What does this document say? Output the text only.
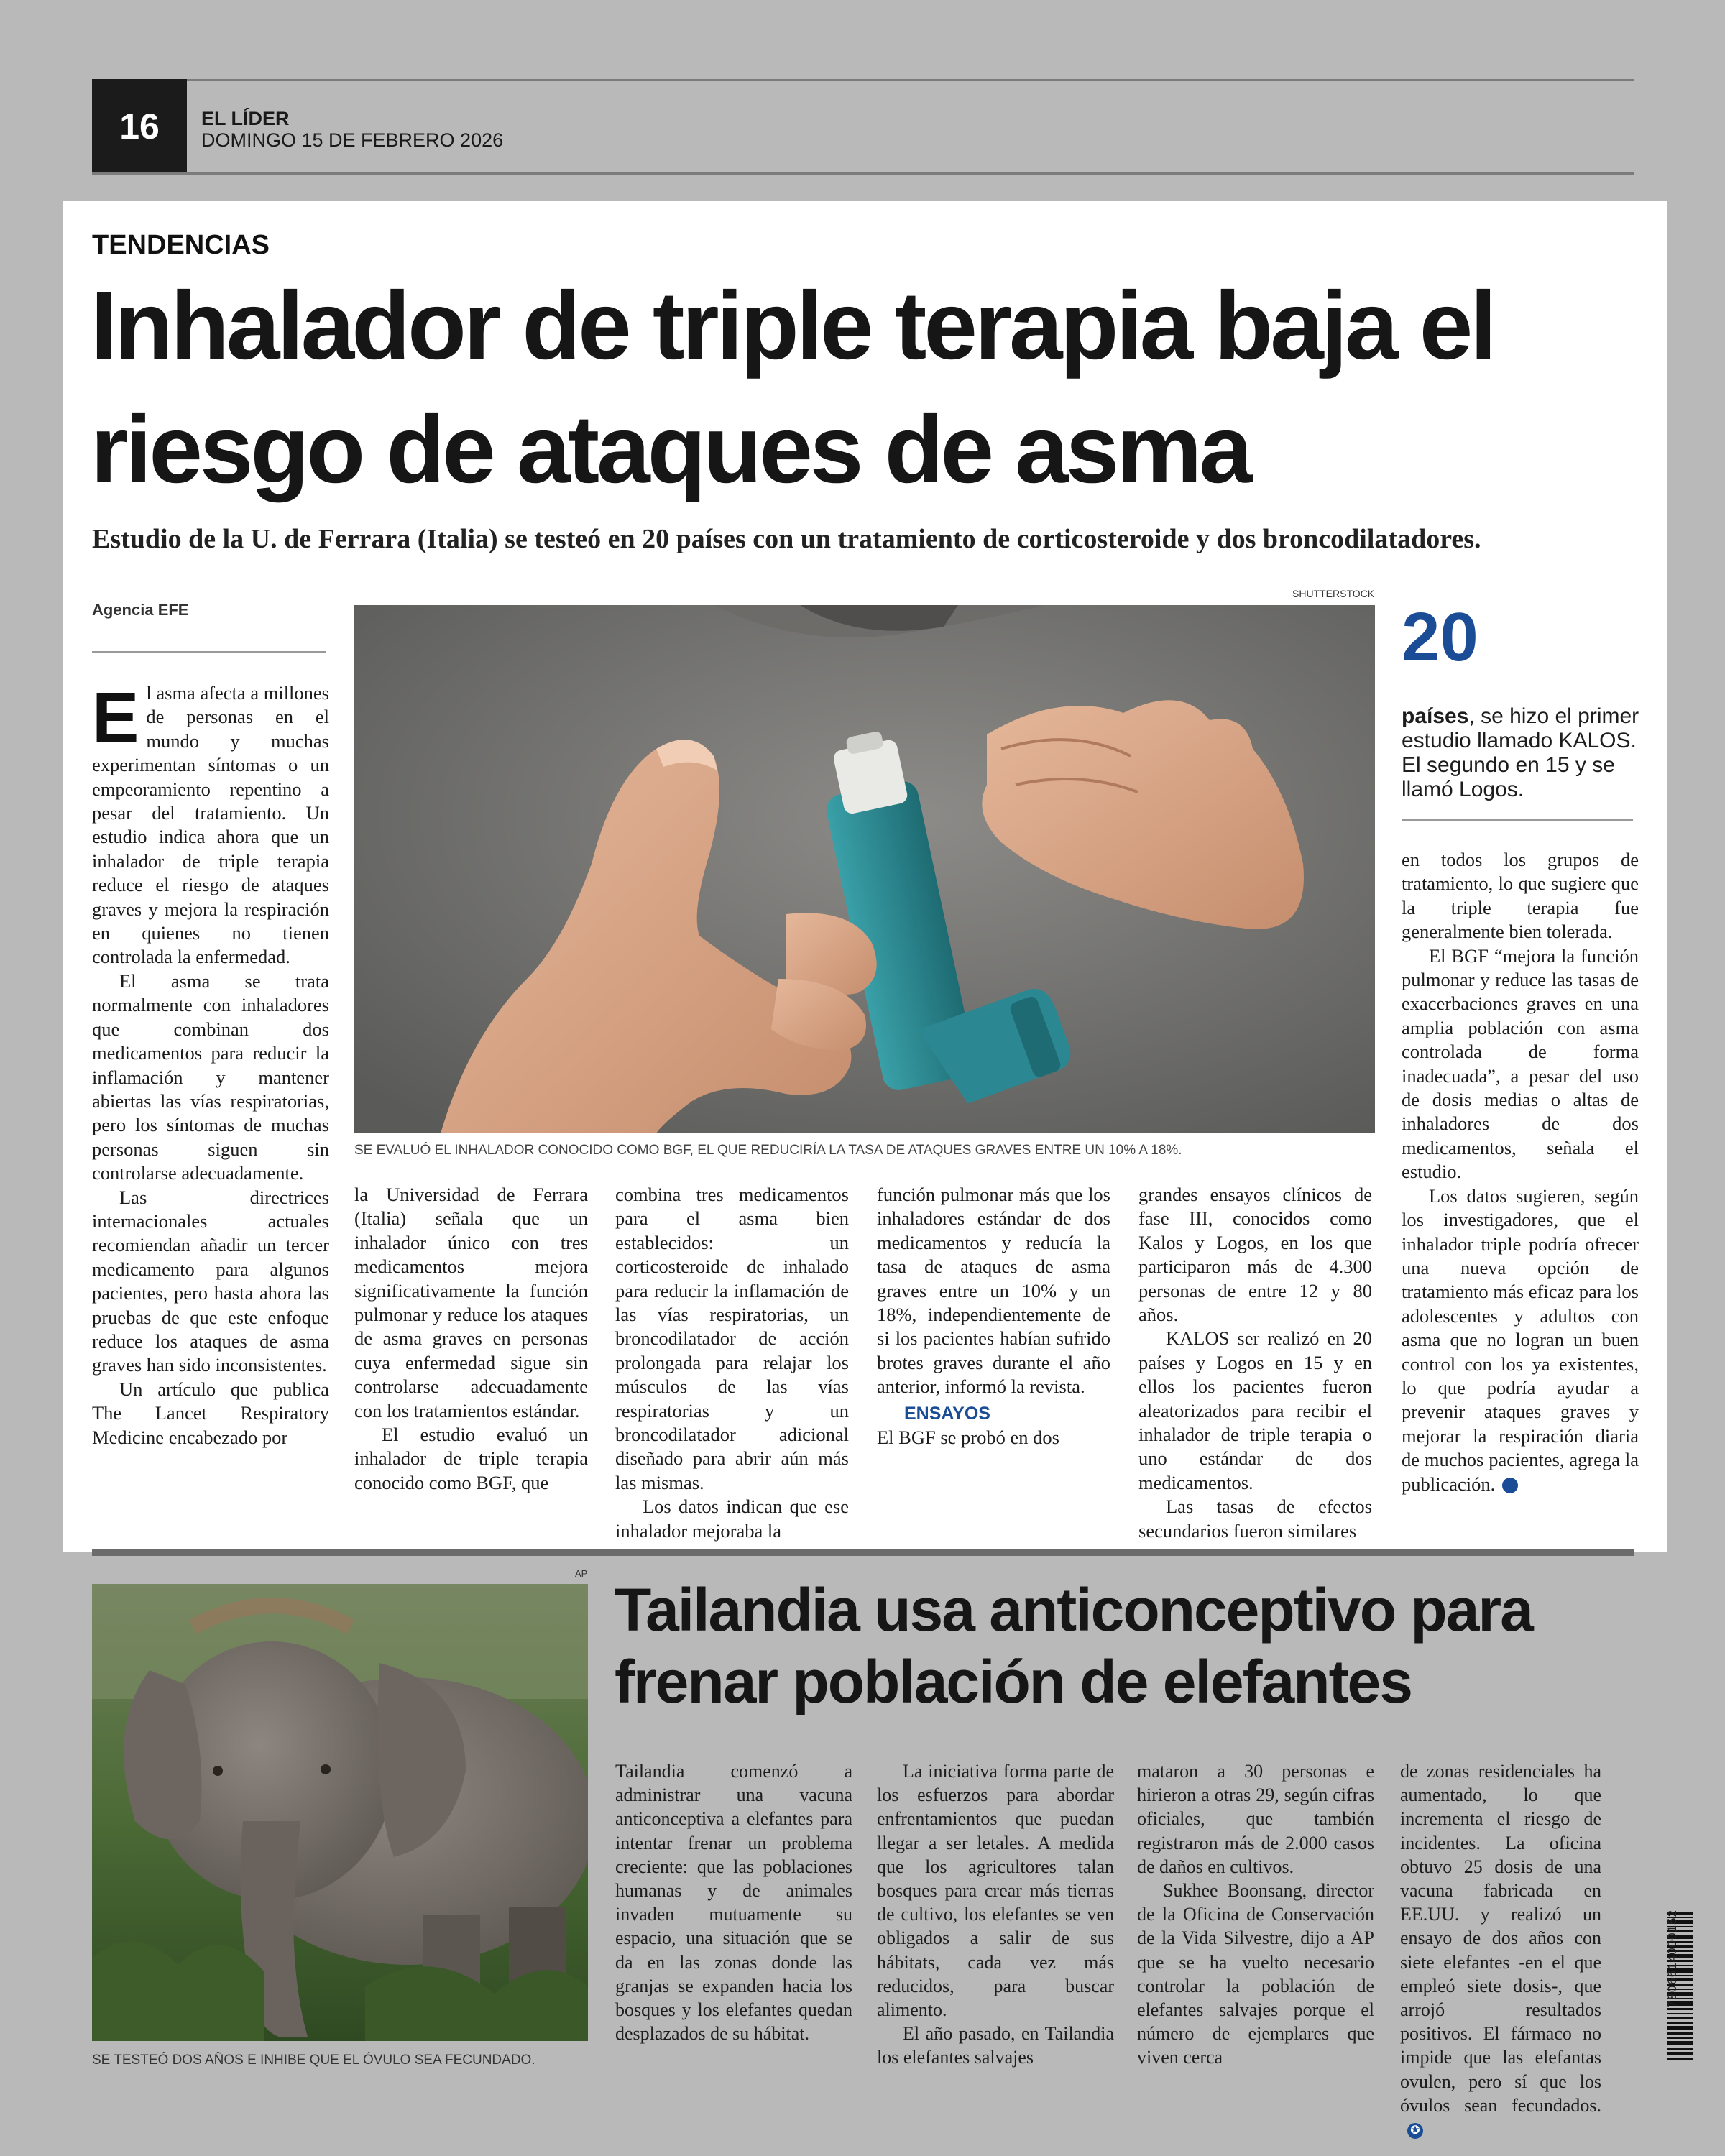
16	EL LÍDER
DOMINGO 15 DE FEBRERO 2026
TENDENCIAS
Inhalador de triple terapia baja el riesgo de ataques de asma
Estudio de la U. de Ferrara (Italia) se testeó en 20 países con un tratamiento de corticosteroide y dos broncodilatadores.
Agencia EFE

El asma afecta a millones de personas en el mundo y muchas experimentan síntomas o un empeoramiento repentino a pesar del tratamiento. Un estudio indica ahora que un inhalador de triple terapia reduce el riesgo de ataques graves y mejora la respiración en quienes no tienen controlada la enfermedad.

El asma se trata normalmente con inhaladores que combinan dos medicamentos para reducir la inflamación y mantener abiertas las vías respiratorias, pero los síntomas de muchas personas siguen sin controlarse adecuadamente.

Las directrices internacionales actuales recomiendan añadir un tercer medicamento para algunos pacientes, pero hasta ahora las pruebas de que este enfoque reduce los ataques de asma graves han sido inconsistentes.

Un artículo que publica The Lancet Respiratory Medicine encabezado por

SHUTTERSTOCK
SE EVALUÓ EL INHALADOR CONOCIDO COMO BGF, EL QUE REDUCIRÍA LA TASA DE ATAQUES GRAVES ENTRE UN 10% A 18%.
20
países, se hizo el primer estudio llamado KALOS. El segundo en 15 y se llamó Logos.

la Universidad de Ferrara (Italia) señala que un inhalador único con tres medicamentos mejora significativamente la función pulmonar y reduce los ataques de asma graves en personas cuya enfermedad sigue sin controlarse adecuadamente con los tratamientos estándar.

El estudio evaluó un inhalador de triple terapia conocido como BGF, que

combina tres medicamentos para el asma bien establecidos: un corticosteroide de inhalado para reducir la inflamación de las vías respiratorias, un broncodilatador de acción prolongada para relajar los músculos de las vías respiratorias y un broncodilatador adicional diseñado para abrir aún más las mismas.

Los datos indican que ese inhalador mejoraba la

función pulmonar más que los inhaladores estándar de dos medicamentos y reducía la tasa de ataques de asma graves entre un 10% y un 18%, independientemente de si los pacientes habían sufrido brotes graves durante el año anterior, informó la revista.

ENSAYOS

El BGF se probó en dos

grandes ensayos clínicos de fase III, conocidos como Kalos y Logos, en los que participaron más de 4.300 personas de entre 12 y 80 años.

KALOS ser realizó en 20 países y Logos en 15 y en ellos los pacientes fueron aleatorizados para recibir el inhalador de triple terapia o uno estándar de dos medicamentos.

Las tasas de efectos secundarios fueron similares

en todos los grupos de tratamiento, lo que sugiere que la triple terapia fue generalmente bien tolerada.

El BGF “mejora la función pulmonar y reduce las tasas de exacerbaciones graves en una amplia población con asma controlada de forma inadecuada”, a pesar del uso de dosis medias o altas de inhaladores de dos medicamentos, señala el estudio.

Los datos sugieren, según los investigadores, que el inhalador triple podría ofrecer una nueva opción de tratamiento más eficaz para los adolescentes y adultos con asma que no logran un buen control con los ya existentes, lo que podría ayudar a prevenir ataques graves y mejorar la respiración diaria de muchos pacientes, agrega la publicación.	✪

AP
SE TESTEÓ DOS AÑOS E INHIBE QUE EL ÓVULO SEA FECUNDADO.
Tailandia usa anticonceptivo para frenar población de elefantes

Tailandia comenzó a administrar una vacuna anticonceptiva a elefantes para intentar frenar un problema creciente: que las poblaciones humanas y de animales invaden mutuamente su espacio, una situación que se da en las zonas donde las granjas se expanden hacia los bosques y los elefantes quedan desplazados de su hábitat.

La iniciativa forma parte de los esfuerzos para abordar enfrentamientos que puedan llegar a ser letales. A medida que los agricultores talan bosques para crear más tierras de cultivo, los elefantes se ven obligados a salir de sus hábitats, cada vez más reducidos, para buscar alimento.

El año pasado, en Tailandia los elefantes salvajes

mataron a 30 personas e hirieron a otras 29, según cifras oficiales, que también registraron más de 2.000 casos de daños en cultivos.

Sukhee Boonsang, director de la Oficina de Conservación de la Vida Silvestre, dijo a AP que se ha vuelto necesario controlar la población de elefantes salvajes porque el número de ejemplares que viven cerca

de zonas residenciales ha aumentado, lo que incrementa el riesgo de incidentes. La oficina obtuvo 25 dosis de una vacuna fabricada en EE.UU. y realizó un ensayo de dos años con siete elefantes -en el que empleó siete dosis-, que arrojó resultados positivos. El fármaco no impide que las elefantas ovulen, pero sí que los óvulos sean fecundados.✪

7806614000152
